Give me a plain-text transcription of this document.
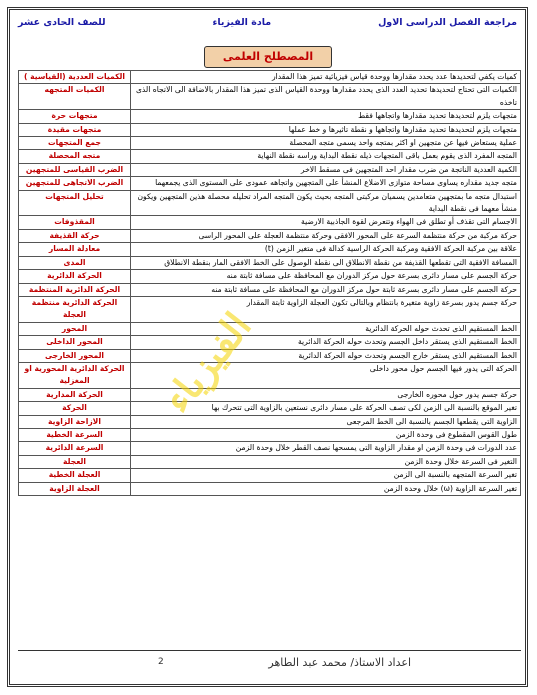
مراجعة الفصل الدراسى الاول
مادة الفيزياء
للصف الحادى عشر
المصطلح العلمى
كميات يكفي لتحديدها عدد يحدد مقدارها ووحدة قياس فيزيائية تميز هذا المقدار	الكميات العددية (القياسية )
الكميات التى تحتاج لتحديدها تحديد العدد الذى يحدد مقدارها ووحدة القياس الذى تميز هذا المقدار بالاضافة الى الاتجاه الذى تاخذه	الكميات المتجهه
متجهات يلزم لتحديدها تحديد مقدارها واتجاهها فقط	متجهات حرة
متجهات يلزم لتحديدها تحديد مقدارها واتجاهها و نقطة تاثيرها و خط عملها	متجهات مقيدة
عملية يستعاض فيها عن متجهين او اكثر بمتجه واحد يسمى متجه المحصلة	جمع المتجهات
المتجه المفرد الذى يقوم بعمل باقى المتجهات ذيله نقطة البداية وراسه نقطة النهاية	متجه المحصلة
الكمية العددية الناتجة من ضرب مقدار احد المتجهين فى مسقط الاخر	الضرب القياسى للمتجهين
متجه جديد مقداره يساوى مساحة متوازى الاضلاع المنشأ على المتجهين واتجاهه عمودى على المستوى الذى يجمعهما	الضرب الاتجاهى للمتجهين
استبدال متجه ما بمتجهين متعامدين يسميان مركبتى المتجه بحيث يكون المتجه المراد تحليله محصلة هذين المتجهين ويكون منشأ معهما فى نقطة البداية	تحليل المتجهات
الاجسام التى تقذف أو تطلق فى الهواء وتتعرض لقوة الجاذبية الارضية	المقذوفات
حركة مركبة من حركة منتظمة السرعة على المحور الافقى وحركة منتظمة العجلة على المحور الراسى	حركة القذيفة
علاقة بين مركبة الحركة الافقية ومركبة الحركة الراسية كدالة فى متغير الزمن (t)	معادلة المسار
المسافة الافقية التى تقطعها القذيفة من نقطة الانطلاق الى نقطة الوصول على الخط الافقى المار بنقطة الانطلاق	المدى
حركة الجسم على مسار دائرى بسرعة حول مركز الدوران مع المحافظة على مسافة ثابتة منه	الحركة الدائرية
حركة الجسم على مسار دائرى بسرعة ثابتة حول مركز الدوران مع المحافظة على مسافة ثابتة منه	الحركة الدائرية المنتظمة
حركة جسم يدور بسرعة زاوية متغيرة بانتظام وبالتالى تكون العجلة الزاوية ثابتة المقدار	الحركة الدائرية منتظمة العجلة
الخط المستقيم الذى تحدث حوله الحركة الدائرية	المحور
الخط المستقيم الذى يستقر داخل الجسم وتحدث حوله الحركة الدائرية	المحور الداخلى
الخط المستقيم الذى يستقر خارج الجسم وتحدث حوله الحركة الدائرية	المحور الخارجى
الحركة التى يدور فيها الجسم حول محور داخلى	الحركة الدائرية المحورية او المغزلية
حركة جسم يدور حول محوره الخارجى	الحركة المدارية
تغير الموقع بالنسبة الى الزمن لكى تصف الحركة على مسار دائرى نستعين بالزاوية التى تتحرك بها	الحركة
الزاوية التى يقطعها الجسم بالنسبة الى الخط المرجعى	الازاحة الزاوية
طول القوس المقطوع فى وحدة الزمن	السرعة الخطية
عدد الدورات فى وحدة الزمن او مقدار الزاوية التى يمسحها نصف القطر خلال وحدة الزمن	السرعة الدائرية
التغير فى السرعة خلال وحدة الزمن	العجلة
تغير السرعة المتجهه بالنسبة الى الزمن	العجلة الخطية
تغير السرعة الزاوية (ω) خلال وحدة الزمن	العجلة الزاوية
الفيزياء
اعداد الاستاذ/ محمد عبد الطاهر
2
